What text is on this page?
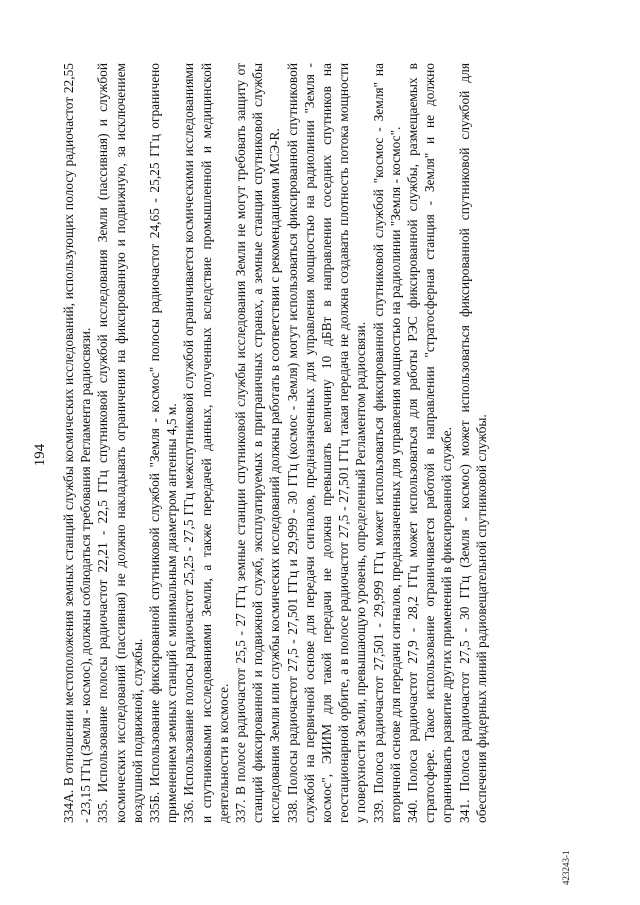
194 334А. В отношении местоположения земных станций службы космических исследований, использующих полосу радиочастот 22,55 - 23,15 ГГц (Земля - космос), должны соблюдаться требования Регламента радиосвязи. 335. Использование полосы радиочастот 22,21 - 22,5 ГГц спутниковой службой исследования Земли (пассивная) и службой космических исследований (пассивная) не должно накладывать ограничения на фиксированную и подвижную, за исключением воздушной подвижной, службы. 335Б. Использование фиксированной спутниковой службой "Земля - космос" полосы радиочастот 24,65 - 25,25 ГГц ограничено применением земных станций с минимальным диаметром антенны 4,5 м. 336. Использование полосы радиочастот 25,25 - 27,5 ГГц межспутниковой службой ограничивается космическими исследованиями и спутниковыми исследованиями Земли, а также передачей данных, полученных вследствие промышленной и медицинской деятельности в космосе. 337. В полосе радиочастот 25,5 - 27 ГГц земные станции спутниковой службы исследования Земли не могут требовать защиту от станций фиксированной и подвижной служб, эксплуатируемых в приграничных странах, а земные станции спутниковой службы исследования Земли или службы космических исследований должны работать в соответствии с рекомендациями МСЭ-R. 338. Полосы радиочастот 27,5 - 27,501 ГГц и 29,999 - 30 ГГц (космос - Земля) могут использоваться фиксированной спутниковой службой на первичной основе для передачи сигналов, предназначенных для управления мощностью на радиолинии "Земля - космос", ЭИИМ для такой передачи не должна превышать величину 10 дБВт в направлении соседних спутников на геостационарной орбите, а в полосе радиочастот 27,5 - 27,501 ГГц такая передача не должна создавать плотность потока мощности у поверхности Земли, превышающую уровень, определенный Регламентом радиосвязи. 339. Полоса радиочастот 27,501 - 29,999 ГГц может использоваться фиксированной спутниковой службой "космос - Земля" на вторичной основе для передачи сигналов, предназначенных для управления мощностью на радиолинии "Земля - космос". 340. Полоса радиочастот 27,9 - 28,2 ГГц может использоваться для работы РЭС фиксированной службы, размещаемых в стратосфере. Такое использование ограничивается работой в направлении "стратосферная станция - Земля" и не должно ограничивать развитие других применений в фиксированной службе. 341. Полоса радиочастот 27,5 - 30 ГГц (Земля - космос) может использоваться фиксированной спутниковой службой для обеспечения фидерных линий радиовещательной спутниковой службы.

423243-1
